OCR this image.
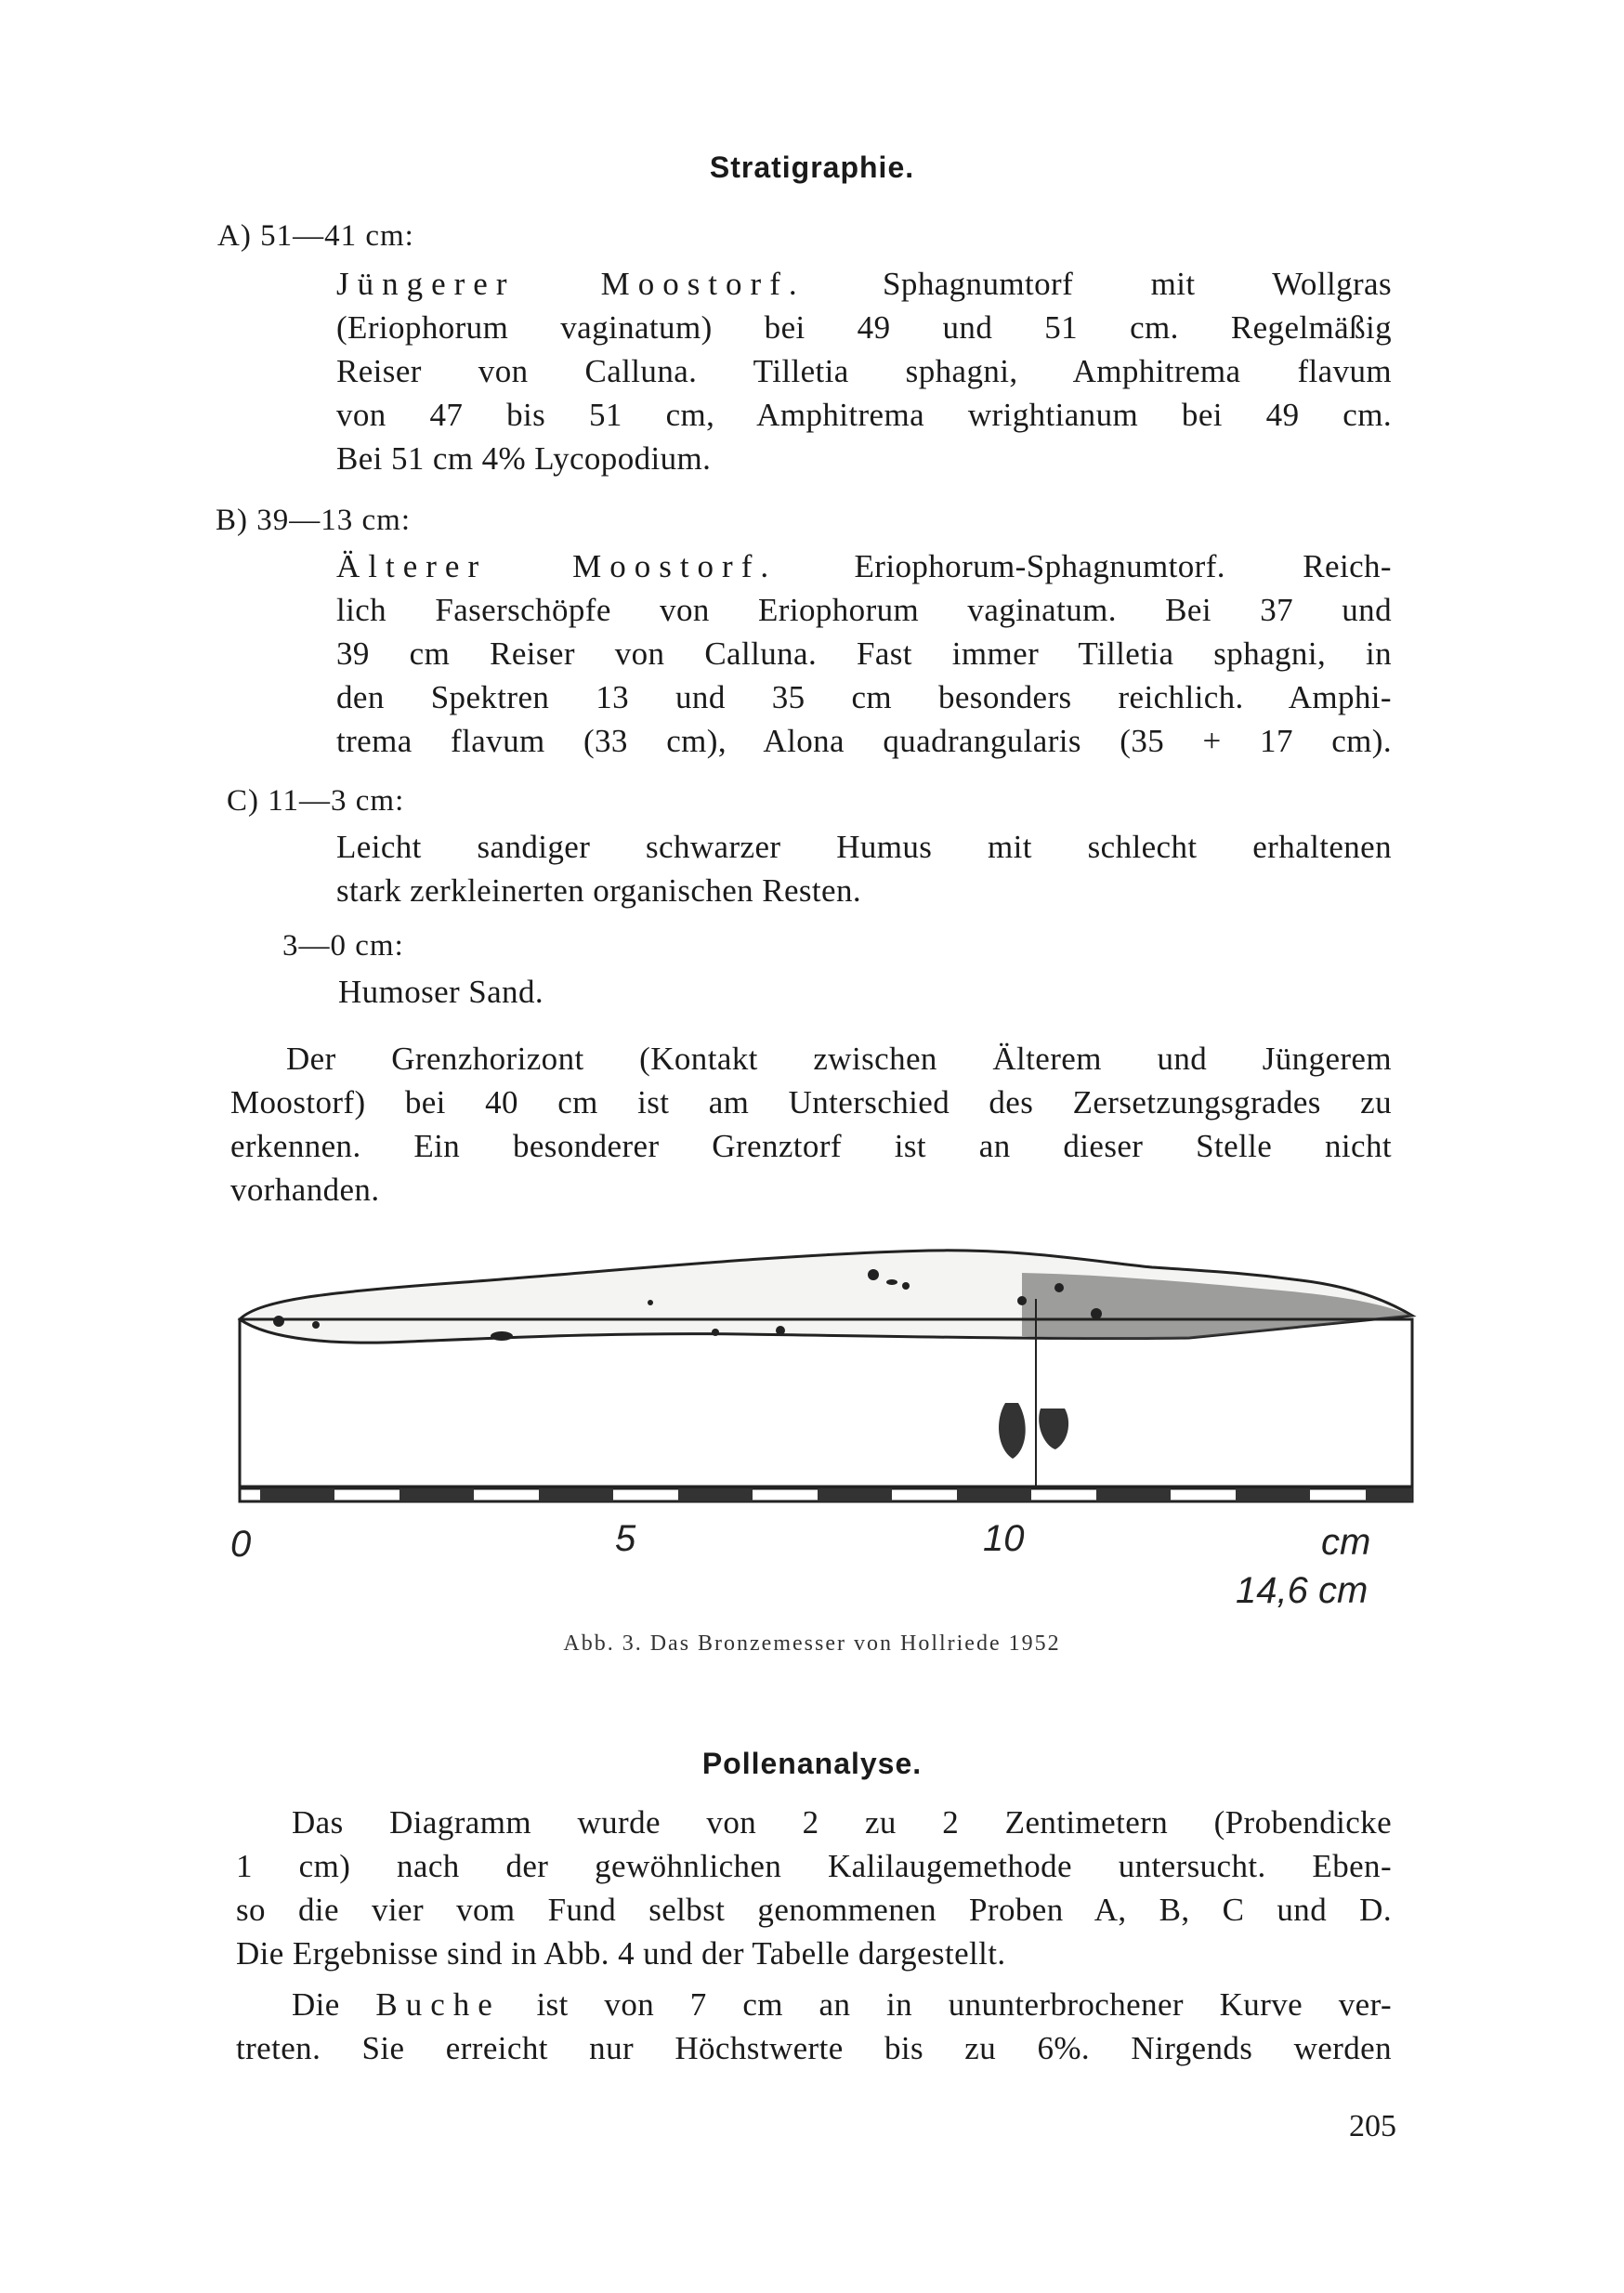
Stratigraphie.
A) 51—41 cm:
Jüngerer Moostorf. Sphagnumtorf mit Wollgras
(Eriophorum vaginatum) bei 49 und 51 cm. Regelmäßig
Reiser von Calluna. Tilletia sphagni, Amphitrema flavum
von 47 bis 51 cm, Amphitrema wrightianum bei 49 cm.
Bei 51 cm 4% Lycopodium.
B) 39—13 cm:
Älterer Moostorf. Eriophorum-Sphagnumtorf. Reich-
lich Faserschöpfe von Eriophorum vaginatum. Bei 37 und
39 cm Reiser von Calluna. Fast immer Tilletia sphagni, in
den Spektren 13 und 35 cm besonders reichlich. Amphi-
trema flavum (33 cm), Alona quadrangularis (35 + 17 cm).
C) 11—3 cm:
Leicht sandiger schwarzer Humus mit schlecht erhaltenen
stark zerkleinerten organischen Resten.
3—0 cm:
Humoser Sand.
Der Grenzhorizont (Kontakt zwischen Älterem und Jüngerem
Moostorf) bei 40 cm ist am Unterschied des Zersetzungsgrades zu
erkennen. Ein besonderer Grenztorf ist an dieser Stelle nicht
vorhanden.
0	5	10	cm
14,6 cm
Abb. 3. Das Bronzemesser von Hollriede 1952
Pollenanalyse.
Das Diagramm wurde von 2 zu 2 Zentimetern (Probendicke
1 cm) nach der gewöhnlichen Kalilaugemethode untersucht. Eben-
so die vier vom Fund selbst genommenen Proben A, B, C und D.
Die Ergebnisse sind in Abb. 4 und der Tabelle dargestellt.
Die Buche ist von 7 cm an in ununterbrochener Kurve ver-
treten. Sie erreicht nur Höchstwerte bis zu 6%. Nirgends werden
205
